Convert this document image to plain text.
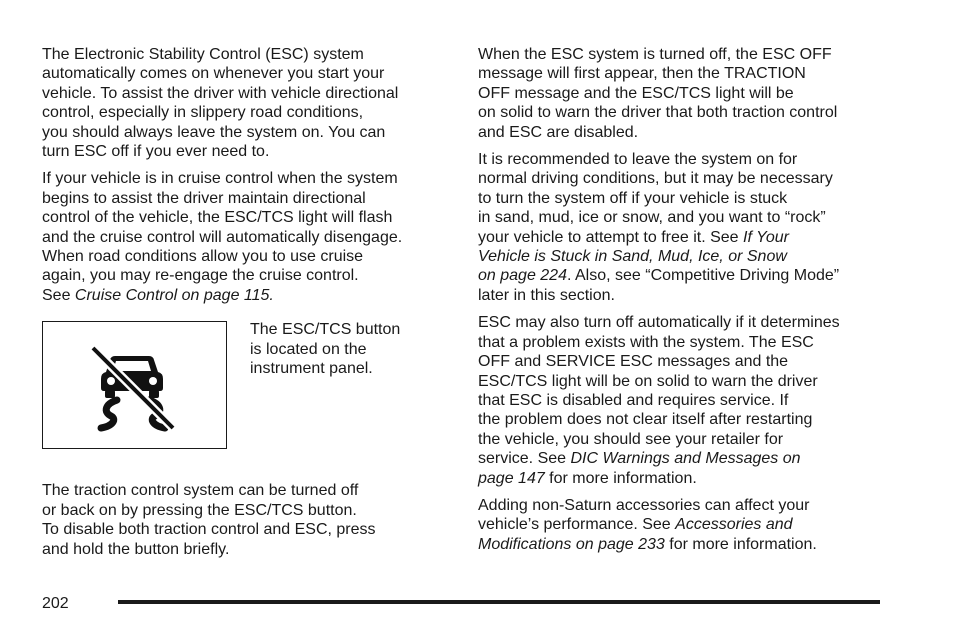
The Electronic Stability Control (ESC) system
automatically comes on whenever you start your
vehicle. To assist the driver with vehicle directional
control, especially in slippery road conditions,
you should always leave the system on. You can
turn ESC off if you ever need to.

If your vehicle is in cruise control when the system
begins to assist the driver maintain directional
control of the vehicle, the ESC/TCS light will flash
and the cruise control will automatically disengage.
When road conditions allow you to use cruise
again, you may re-engage the cruise control.
See Cruise Control on page 115.

The ESC/TCS button
is located on the
instrument panel.

The traction control system can be turned off
or back on by pressing the ESC/TCS button.
To disable both traction control and ESC, press
and hold the button briefly.

When the ESC system is turned off, the ESC OFF
message will first appear, then the TRACTION
OFF message and the ESC/TCS light will be
on solid to warn the driver that both traction control
and ESC are disabled.

It is recommended to leave the system on for
normal driving conditions, but it may be necessary
to turn the system off if your vehicle is stuck
in sand, mud, ice or snow, and you want to “rock”
your vehicle to attempt to free it. See If Your
Vehicle is Stuck in Sand, Mud, Ice, or Snow
on page 224. Also, see “Competitive Driving Mode”
later in this section.

ESC may also turn off automatically if it determines
that a problem exists with the system. The ESC
OFF and SERVICE ESC messages and the
ESC/TCS light will be on solid to warn the driver
that ESC is disabled and requires service. If
the problem does not clear itself after restarting
the vehicle, you should see your retailer for
service. See DIC Warnings and Messages on
page 147 for more information.

Adding non-Saturn accessories can affect your
vehicle’s performance. See Accessories and
Modifications on page 233 for more information.

202
